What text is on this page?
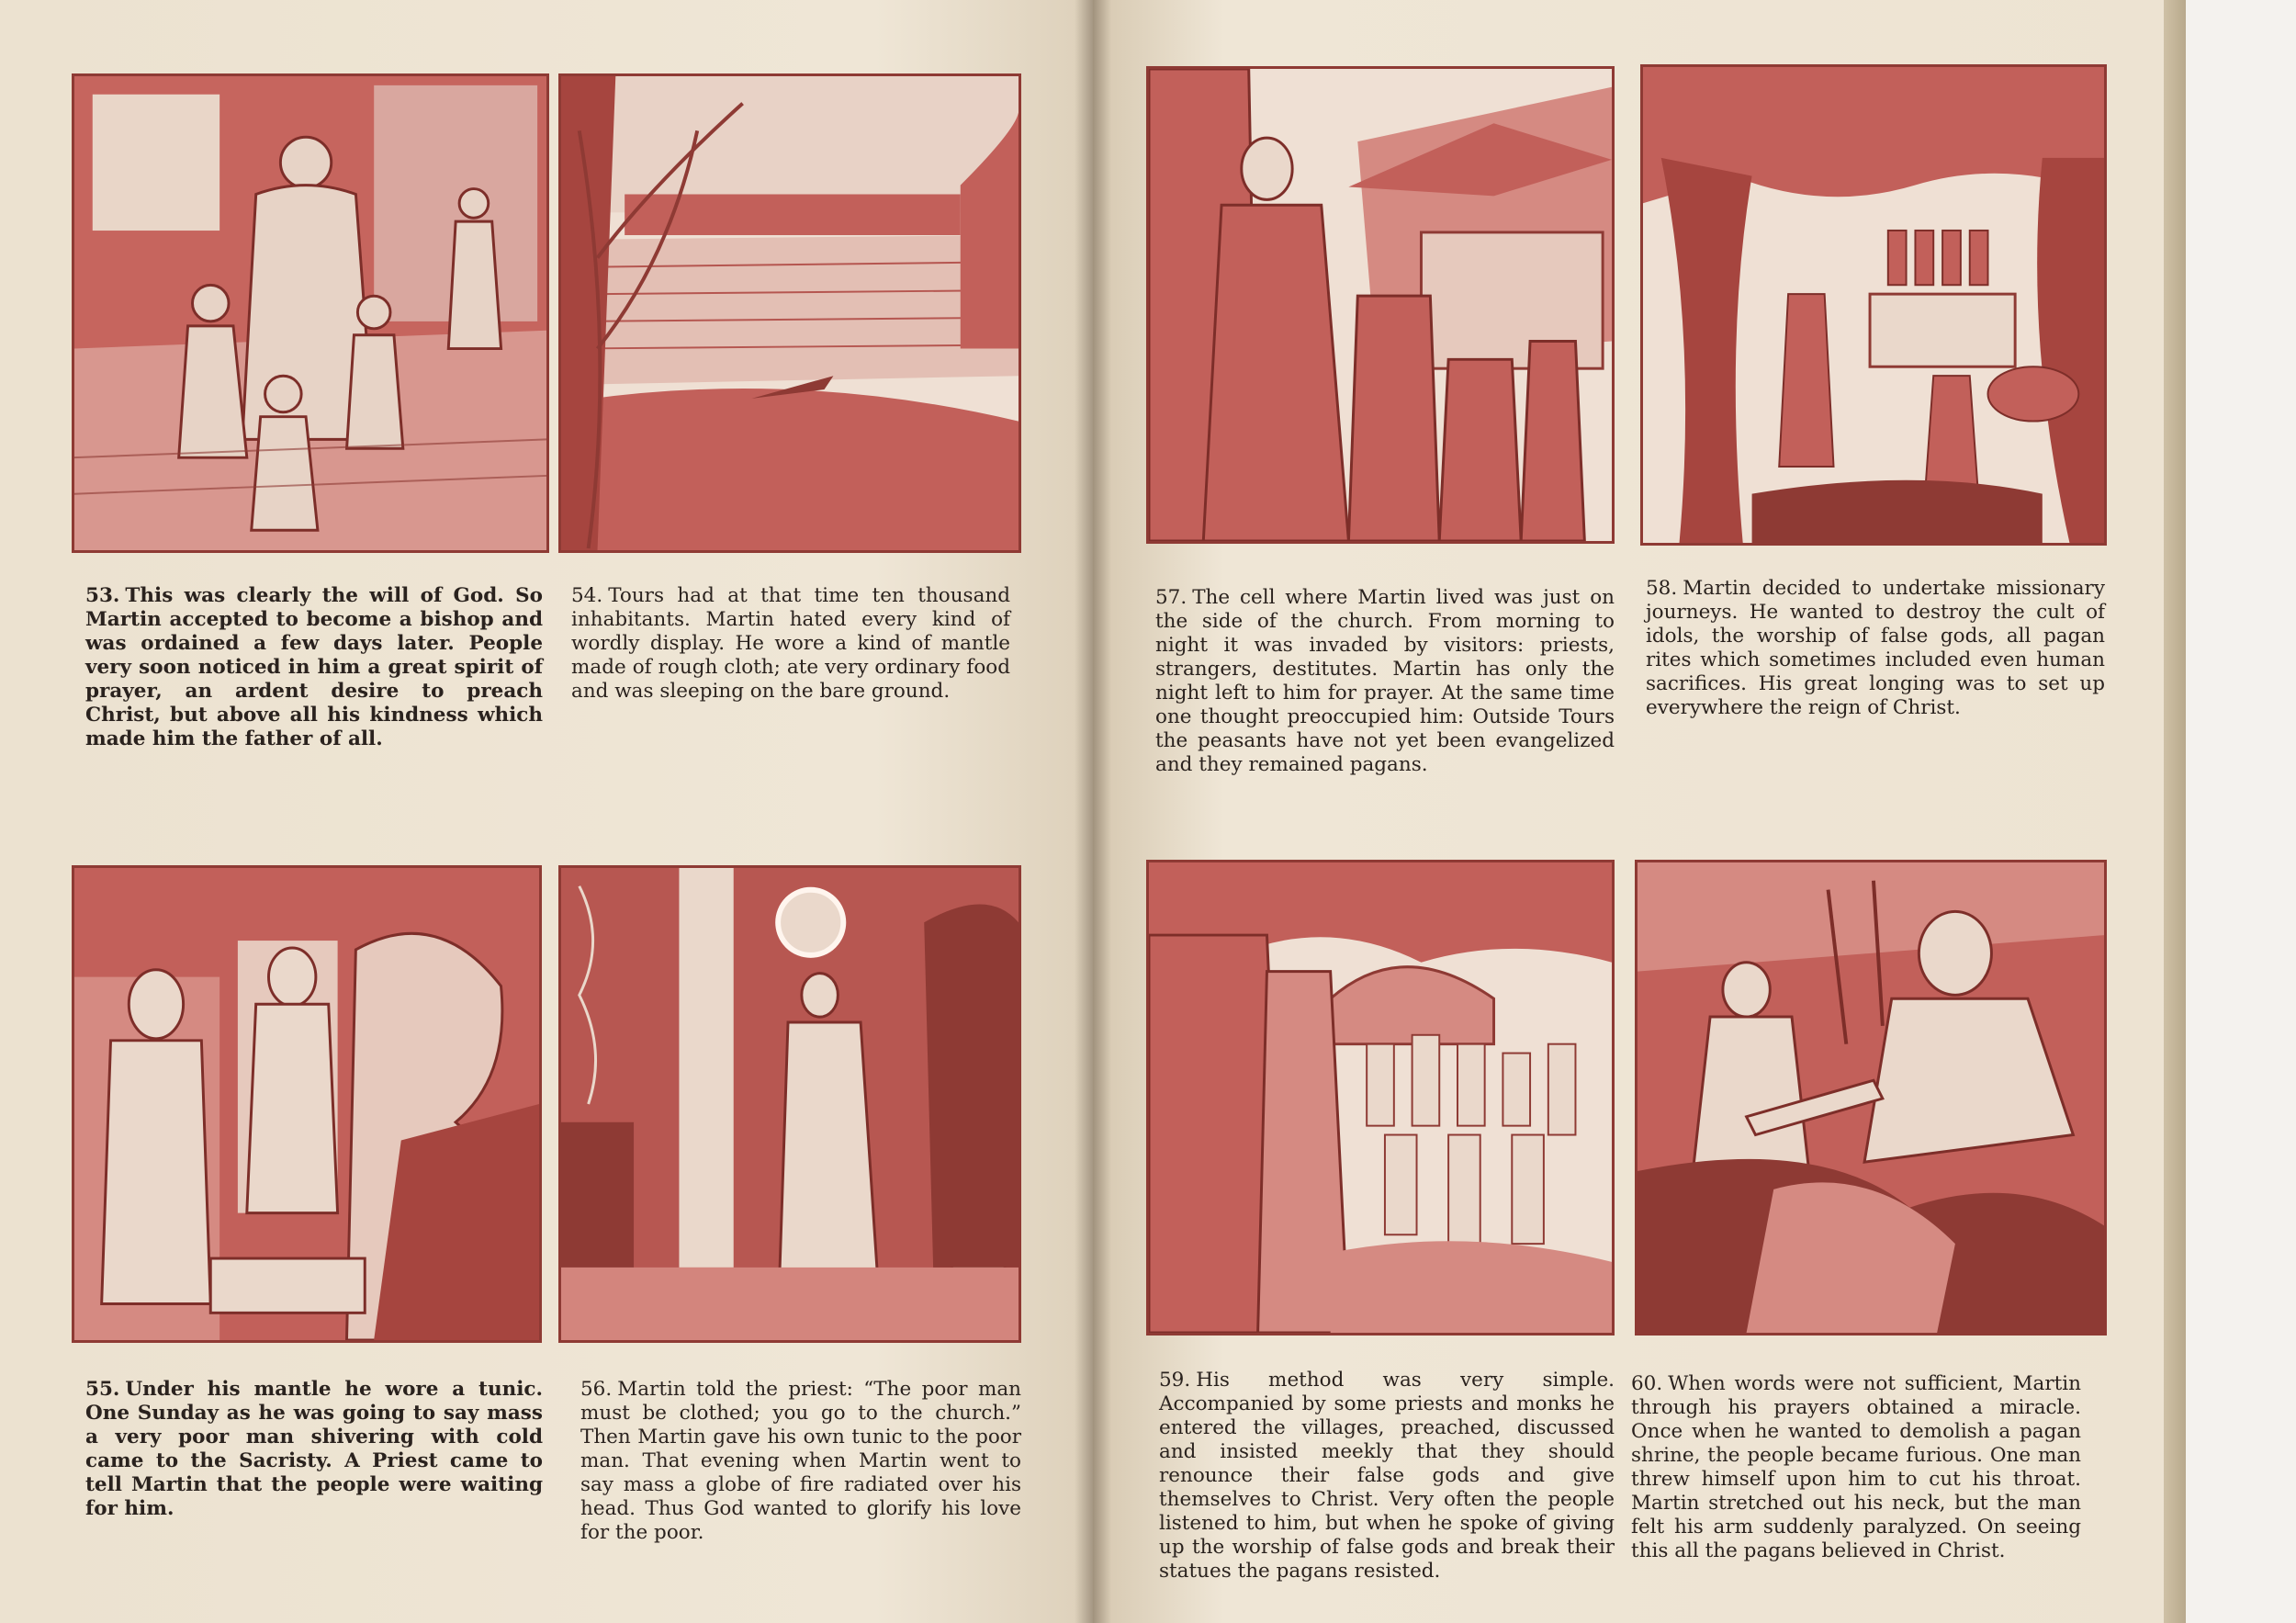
53. This was clearly the will of God. So Martin accepted to become a bishop and was ordained a few days later. People very soon noticed in him a great spirit of prayer, an ardent desire to preach Christ, but above all his kindness which made him the father of all.

54. Tours had at that time ten thousand inhabitants. Martin hated every kind of wordly display. He wore a kind of mantle made of rough cloth; ate very ordinary food and was sleeping on the bare ground.

55. Under his mantle he wore a tunic. One Sunday as he was going to say mass a very poor man shivering with cold came to the Sacristy. A Priest came to tell Martin that the people were waiting for him.

56. Martin told the priest: “The poor man must be clothed; you go to the church.” Then Martin gave his own tunic to the poor man. That evening when Martin went to say mass a globe of fire radiated over his head. Thus God wanted to glorify his love for the poor.

57. The cell where Martin lived was just on the side of the church. From morning to night it was invaded by visitors: priests, strangers, destitutes. Martin has only the night left to him for prayer. At the same time one thought preoccupied him: Outside Tours the peasants have not yet been evangelized and they remained pagans.

58. Martin decided to undertake missionary journeys. He wanted to destroy the cult of idols, the worship of false gods, all pagan rites which sometimes included even human sacrifices. His great longing was to set up everywhere the reign of Christ.

59. His method was very simple. Accompanied by some priests and monks he entered the villages, preached, discussed and insisted meekly that they should renounce their false gods and give themselves to Christ. Very often the people listened to him, but when he spoke of giving up the worship of false gods and break their statues the pagans resisted.

60. When words were not sufficient, Martin through his prayers obtained a miracle. Once when he wanted to demolish a pagan shrine, the people became furious. One man threw himself upon him to cut his throat. Martin stretched out his neck, but the man felt his arm suddenly paralyzed. On seeing this all the pagans believed in Christ.
